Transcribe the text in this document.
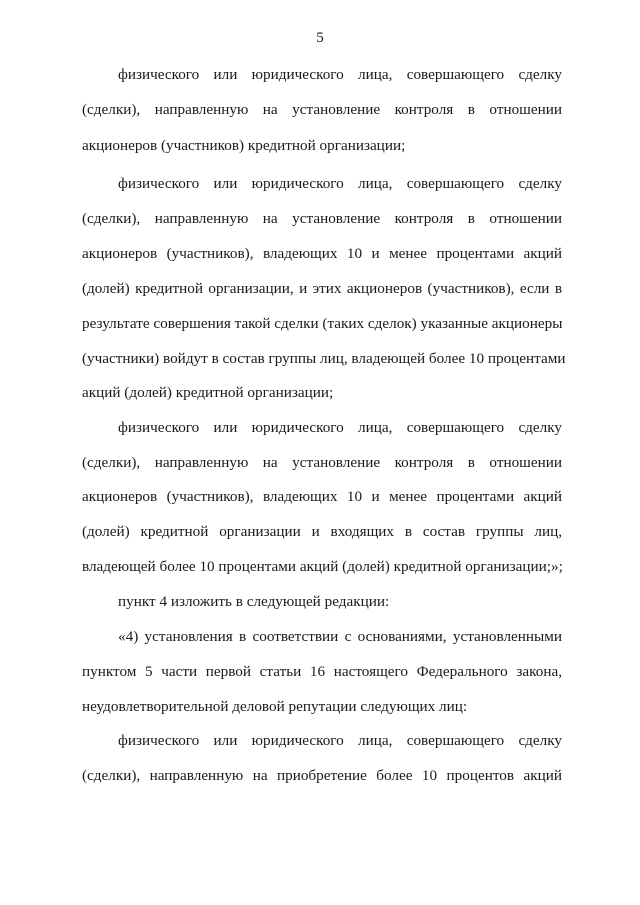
5
физического или юридического лица, совершающего сделку
(сделки), направленную на установление контроля в отношении
акционеров (участников) кредитной организации;
физического или юридического лица, совершающего сделку
(сделки), направленную на установление контроля в отношении
акционеров (участников), владеющих 10 и менее процентами акций
(долей) кредитной организации, и этих акционеров (участников), если в
результате совершения такой сделки (таких сделок) указанные акционеры
(участники) войдут в состав группы лиц, владеющей более 10 процентами
акций (долей) кредитной организации;
физического или юридического лица, совершающего сделку
(сделки), направленную на установление контроля в отношении
акционеров (участников), владеющих 10 и менее процентами акций
(долей) кредитной организации и входящих в состав группы лиц,
владеющей более 10 процентами акций (долей) кредитной организации;»;
пункт 4 изложить в следующей редакции:
«4) установления в соответствии с основаниями, установленными
пунктом 5 части первой статьи 16 настоящего Федерального закона,
неудовлетворительной деловой репутации следующих лиц:
физического или юридического лица, совершающего сделку
(сделки), направленную на приобретение более 10 процентов акций
